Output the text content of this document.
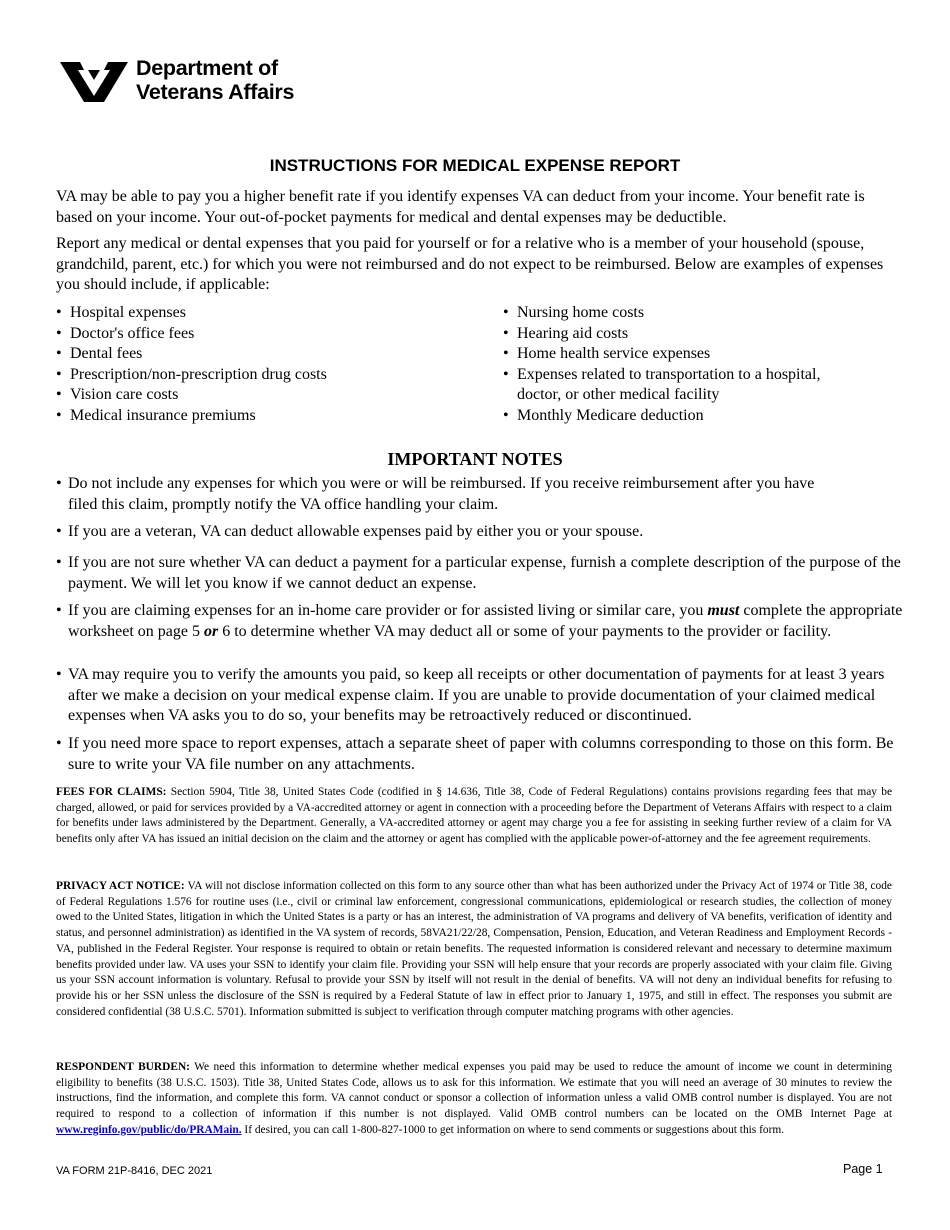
Department of
Veterans Affairs
INSTRUCTIONS FOR MEDICAL EXPENSE REPORT
VA may be able to pay you a higher benefit rate if you identify expenses VA can deduct from your income. Your benefit rate is based on your income. Your out-of-pocket payments for medical and dental expenses may be deductible.
Report any medical or dental expenses that you paid for yourself or for a relative who is a member of your household (spouse, grandchild, parent, etc.) for which you were not reimbursed and do not expect to be reimbursed. Below are examples of expenses you should include, if applicable:
• Hospital expenses
• Doctor's office fees
• Dental fees
• Prescription/non-prescription drug costs
• Vision care costs
• Medical insurance premiums
• Nursing home costs
• Hearing aid costs
• Home health service expenses
• Expenses related to transportation to a hospital, doctor, or other medical facility
• Monthly Medicare deduction
IMPORTANT NOTES
• Do not include any expenses for which you were or will be reimbursed. If you receive reimbursement after you have filed this claim, promptly notify the VA office handling your claim.
• If you are a veteran, VA can deduct allowable expenses paid by either you or your spouse.
• If you are not sure whether VA can deduct a payment for a particular expense, furnish a complete description of the purpose of the payment. We will let you know if we cannot deduct an expense.
• If you are claiming expenses for an in-home care provider or for assisted living or similar care, you must complete the appropriate worksheet on page 5 or 6 to determine whether VA may deduct all or some of your payments to the provider or facility.
• VA may require you to verify the amounts you paid, so keep all receipts or other documentation of payments for at least 3 years after we make a decision on your medical expense claim. If you are unable to provide documentation of your claimed medical expenses when VA asks you to do so, your benefits may be retroactively reduced or discontinued.
• If you need more space to report expenses, attach a separate sheet of paper with columns corresponding to those on this form. Be sure to write your VA file number on any attachments.
FEES FOR CLAIMS: Section 5904, Title 38, United States Code (codified in § 14.636, Title 38, Code of Federal Regulations) contains provisions regarding fees that may be charged, allowed, or paid for services provided by a VA-accredited attorney or agent in connection with a proceeding before the Department of Veterans Affairs with respect to a claim for benefits under laws administered by the Department. Generally, a VA-accredited attorney or agent may charge you a fee for assisting in seeking further review of a claim for VA benefits only after VA has issued an initial decision on the claim and the attorney or agent has complied with the applicable power-of-attorney and the fee agreement requirements.
PRIVACY ACT NOTICE: VA will not disclose information collected on this form to any source other than what has been authorized under the Privacy Act of 1974 or Title 38, code of Federal Regulations 1.576 for routine uses (i.e., civil or criminal law enforcement, congressional communications, epidemiological or research studies, the collection of money owed to the United States, litigation in which the United States is a party or has an interest, the administration of VA programs and delivery of VA benefits, verification of identity and status, and personnel administration) as identified in the VA system of records, 58VA21/22/28, Compensation, Pension, Education, and Veteran Readiness and Employment Records - VA, published in the Federal Register. Your response is required to obtain or retain benefits. The requested information is considered relevant and necessary to determine maximum benefits provided under law. VA uses your SSN to identify your claim file. Providing your SSN will help ensure that your records are properly associated with your claim file. Giving us your SSN account information is voluntary. Refusal to provide your SSN by itself will not result in the denial of benefits. VA will not deny an individual benefits for refusing to provide his or her SSN unless the disclosure of the SSN is required by a Federal Statute of law in effect prior to January 1, 1975, and still in effect. The responses you submit are considered confidential (38 U.S.C. 5701). Information submitted is subject to verification through computer matching programs with other agencies.
RESPONDENT BURDEN: We need this information to determine whether medical expenses you paid may be used to reduce the amount of income we count in determining eligibility to benefits (38 U.S.C. 1503). Title 38, United States Code, allows us to ask for this information. We estimate that you will need an average of 30 minutes to review the instructions, find the information, and complete this form. VA cannot conduct or sponsor a collection of information unless a valid OMB control number is displayed. You are not required to respond to a collection of information if this number is not displayed. Valid OMB control numbers can be located on the OMB Internet Page at www.reginfo.gov/public/do/PRAMain. If desired, you can call 1-800-827-1000 to get information on where to send comments or suggestions about this form.
VA FORM 21P-8416, DEC 2021	Page 1
